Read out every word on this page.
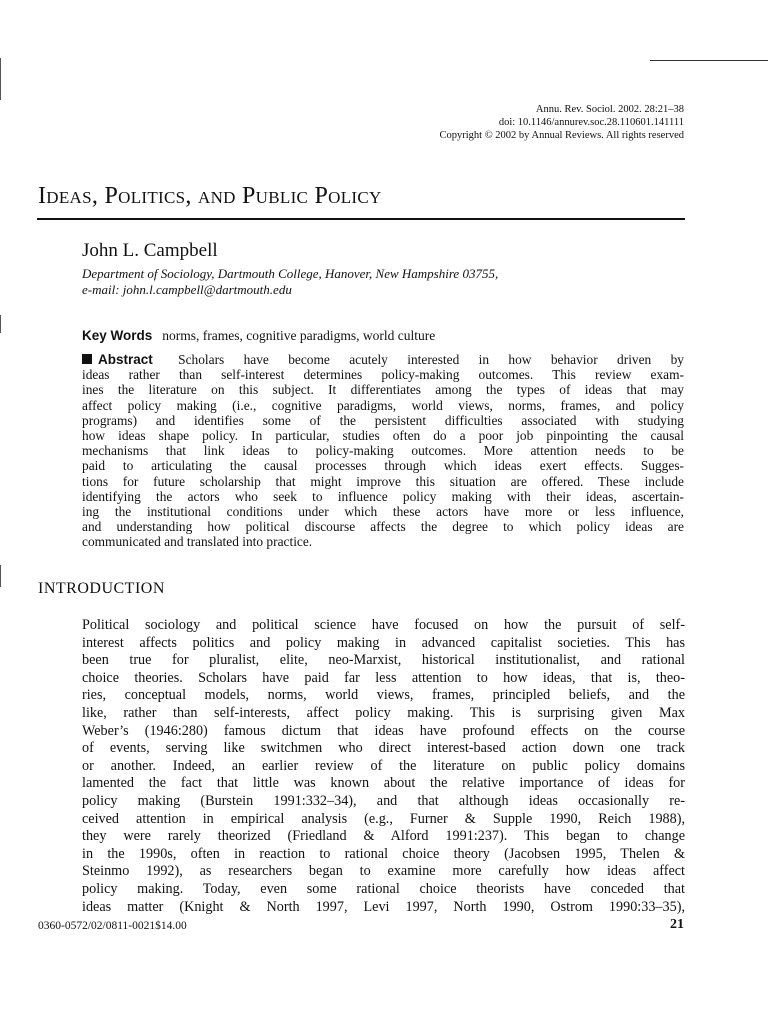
Annu. Rev. Sociol. 2002. 28:21–38
doi: 10.1146/annurev.soc.28.110601.141111
Copyright © 2002 by Annual Reviews. All rights reserved
Ideas, Politics, and Public Policy
John L. Campbell
Department of Sociology, Dartmouth College, Hanover, New Hampshire 03755,
e-mail: john.l.campbell@dartmouth.edu
Key Words norms, frames, cognitive paradigms, world culture
Abstract Scholars have become acutely interested in how behavior driven by
ideas rather than self-interest determines policy-making outcomes. This review exam-
ines the literature on this subject. It differentiates among the types of ideas that may
affect policy making (i.e., cognitive paradigms, world views, norms, frames, and policy
programs) and identifies some of the persistent difficulties associated with studying
how ideas shape policy. In particular, studies often do a poor job pinpointing the causal
mechanisms that link ideas to policy-making outcomes. More attention needs to be
paid to articulating the causal processes through which ideas exert effects. Sugges-
tions for future scholarship that might improve this situation are offered. These include
identifying the actors who seek to influence policy making with their ideas, ascertain-
ing the institutional conditions under which these actors have more or less influence,
and understanding how political discourse affects the degree to which policy ideas are
communicated and translated into practice.
INTRODUCTION
Political sociology and political science have focused on how the pursuit of self-
interest affects politics and policy making in advanced capitalist societies. This has
been true for pluralist, elite, neo-Marxist, historical institutionalist, and rational
choice theories. Scholars have paid far less attention to how ideas, that is, theo-
ries, conceptual models, norms, world views, frames, principled beliefs, and the
like, rather than self-interests, affect policy making. This is surprising given Max
Weber’s (1946:280) famous dictum that ideas have profound effects on the course
of events, serving like switchmen who direct interest-based action down one track
or another. Indeed, an earlier review of the literature on public policy domains
lamented the fact that little was known about the relative importance of ideas for
policy making (Burstein 1991:332–34), and that although ideas occasionally re-
ceived attention in empirical analysis (e.g., Furner & Supple 1990, Reich 1988),
they were rarely theorized (Friedland & Alford 1991:237). This began to change
in the 1990s, often in reaction to rational choice theory (Jacobsen 1995, Thelen &
Steinmo 1992), as researchers began to examine more carefully how ideas affect
policy making. Today, even some rational choice theorists have conceded that
ideas matter (Knight & North 1997, Levi 1997, North 1990, Ostrom 1990:33–35),
0360-0572/02/0811-0021$14.00	21
